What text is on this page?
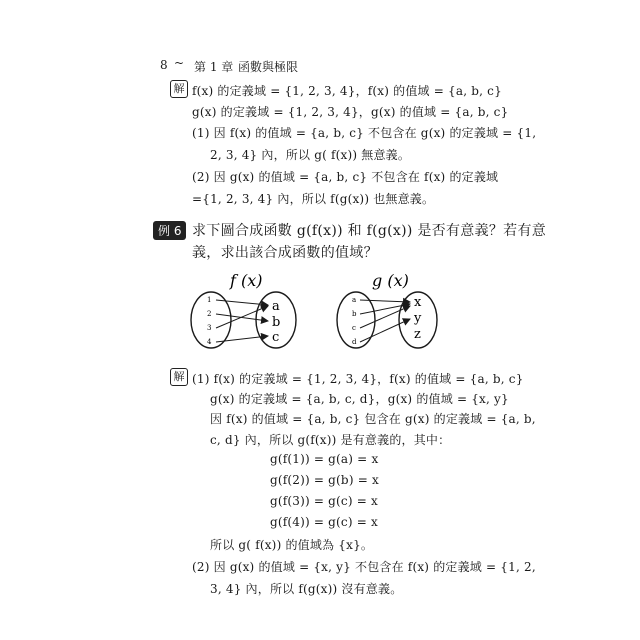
8 ~ 第 1 章 函數與極限
解 f(x) 的定義域 = {1, 2, 3, 4}，f(x) 的值域 = {a, b, c}
g(x) 的定義域 = {1, 2, 3, 4}，g(x) 的值域 = {a, b, c}
(1) 因 f(x) 的值域 = {a, b, c} 不包含在 g(x) 的定義域 = {1,
2, 3, 4} 內，所以 g( f(x)) 無意義。
(2) 因 g(x) 的值域 = {a, b, c} 不包含在 f(x) 的定義域
={1, 2, 3, 4} 內，所以 f(g(x)) 也無意義。
例 6 求下圖合成函數 g(f(x)) 和 f(g(x)) 是否有意義？若有意
義，求出該合成函數的值域？
f (x)
1
2
3
4
a
b
c
g (x)
a
b
c
d
x
y
z
解 (1) f(x) 的定義域 = {1, 2, 3, 4}，f(x) 的值域 = {a, b, c}
g(x) 的定義域 = {a, b, c, d}，g(x) 的值域 = {x, y}
因 f(x) 的值域 = {a, b, c} 包含在 g(x) 的定義域 = {a, b,
c, d} 內，所以 g(f(x)) 是有意義的，其中：
g(f(1)) = g(a) = x
g(f(2)) = g(b) = x
g(f(3)) = g(c) = x
g(f(4)) = g(c) = x
所以 g( f(x)) 的值域為 {x}。
(2) 因 g(x) 的值域 = {x, y} 不包含在 f(x) 的定義域 = {1, 2,
3, 4} 內，所以 f(g(x)) 沒有意義。
